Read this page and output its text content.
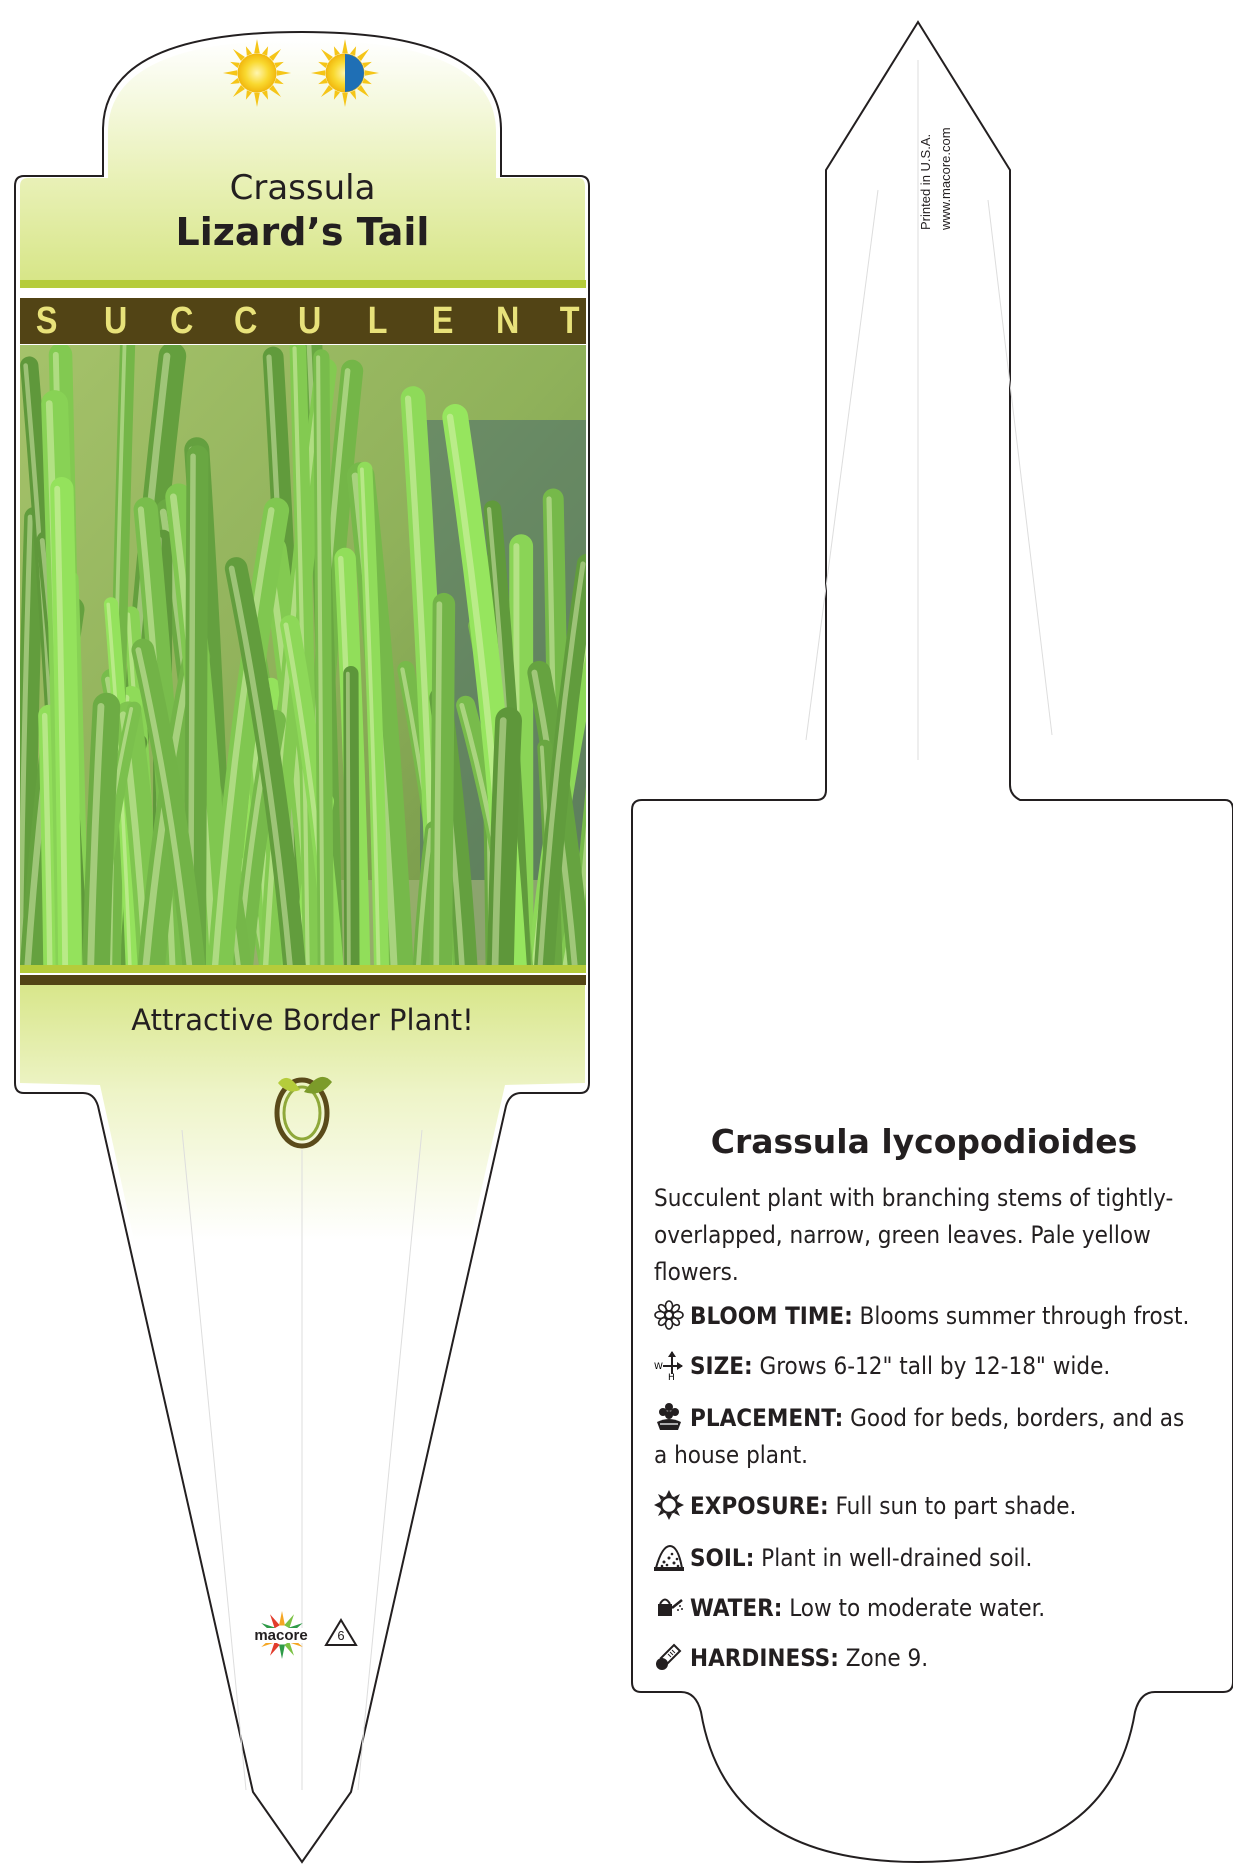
Crassula
Lizard’s Tail
S U C C U L E N T
Attractive Border Plant!
macore	6
Printed in U.S.A. www.macore.com
Crassula lycopodioides
Succulent plant with branching stems of tightly-overlapped, narrow, green leaves. Pale yellow flowers.
BLOOM TIME: Blooms summer through frost.
W
H SIZE: Grows 6-12" tall by 12-18" wide.
PLACEMENT: Good for beds, borders, and as a house plant.
EXPOSURE: Full sun to part shade.
SOIL: Plant in well-drained soil.
WATER: Low to moderate water.
HARDINESS: Zone 9.
